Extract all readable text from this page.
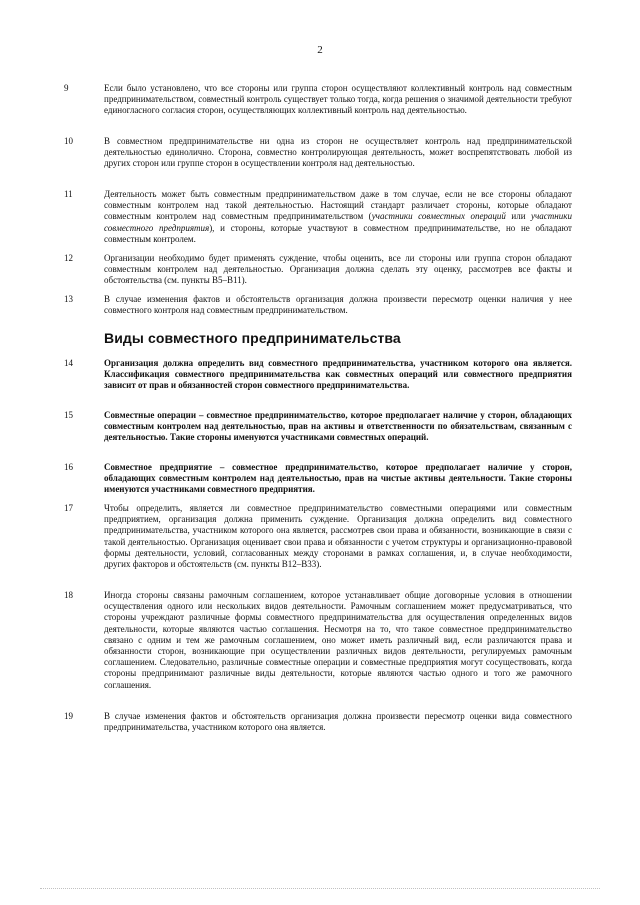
2
9	Если было установлено, что все стороны или группа сторон осуществляют коллективный контроль над совместным предпринимательством, совместный контроль существует только тогда, когда решения о значимой деятельности требуют единогласного согласия сторон, осуществляющих коллективный контроль над деятельностью.
10	В совместном предпринимательстве ни одна из сторон не осуществляет контроль над предпринимательской деятельностью единолично. Сторона, совместно контролирующая деятельность, может воспрепятствовать любой из других сторон или группе сторон в осуществлении контроля над деятельностью.
11	Деятельность может быть совместным предпринимательством даже в том случае, если не все стороны обладают совместным контролем над такой деятельностью. Настоящий стандарт различает стороны, которые обладают совместным контролем над совместным предпринимательством (участники совместных операций или участники совместного предприятия), и стороны, которые участвуют в совместном предпринимательстве, но не обладают совместным контролем.
12	Организации необходимо будет применять суждение, чтобы оценить, все ли стороны или группа сторон обладают совместным контролем над деятельностью. Организация должна сделать эту оценку, рассмотрев все факты и обстоятельства (см. пункты B5–B11).
13	В случае изменения фактов и обстоятельств организация должна произвести пересмотр оценки наличия у нее совместного контроля над совместным предпринимательством.
Виды совместного предпринимательства
14	Организация должна определить вид совместного предпринимательства, участником которого она является. Классификация совместного предпринимательства как совместных операций или совместного предприятия зависит от прав и обязанностей сторон совместного предпринимательства.
15	Совместные операции – совместное предпринимательство, которое предполагает наличие у сторон, обладающих совместным контролем над деятельностью, прав на активы и ответственности по обязательствам, связанным с деятельностью. Такие стороны именуются участниками совместных операций.
16	Совместное предприятие – совместное предпринимательство, которое предполагает наличие у сторон, обладающих совместным контролем над деятельностью, прав на чистые активы деятельности. Такие стороны именуются участниками совместного предприятия.
17	Чтобы определить, является ли совместное предпринимательство совместными операциями или совместным предприятием, организация должна применить суждение. Организация должна определить вид совместного предпринимательства, участником которого она является, рассмотрев свои права и обязанности, возникающие в связи с такой деятельностью. Организация оценивает свои права и обязанности с учетом структуры и организационно-правовой формы деятельности, условий, согласованных между сторонами в рамках соглашения, и, в случае необходимости, других факторов и обстоятельств (см. пункты B12–B33).
18	Иногда стороны связаны рамочным соглашением, которое устанавливает общие договорные условия в отношении осуществления одного или нескольких видов деятельности. Рамочным соглашением может предусматриваться, что стороны учреждают различные формы совместного предпринимательства для осуществления определенных видов деятельности, которые являются частью соглашения. Несмотря на то, что такое совместное предпринимательство связано с одним и тем же рамочным соглашением, оно может иметь различный вид, если различаются права и обязанности сторон, возникающие при осуществлении различных видов деятельности, регулируемых рамочным соглашением. Следовательно, различные совместные операции и совместные предприятия могут сосуществовать, когда стороны предпринимают различные виды деятельности, которые являются частью одного и того же рамочного соглашения.
19	В случае изменения фактов и обстоятельств организация должна произвести пересмотр оценки вида совместного предпринимательства, участником которого она является.
